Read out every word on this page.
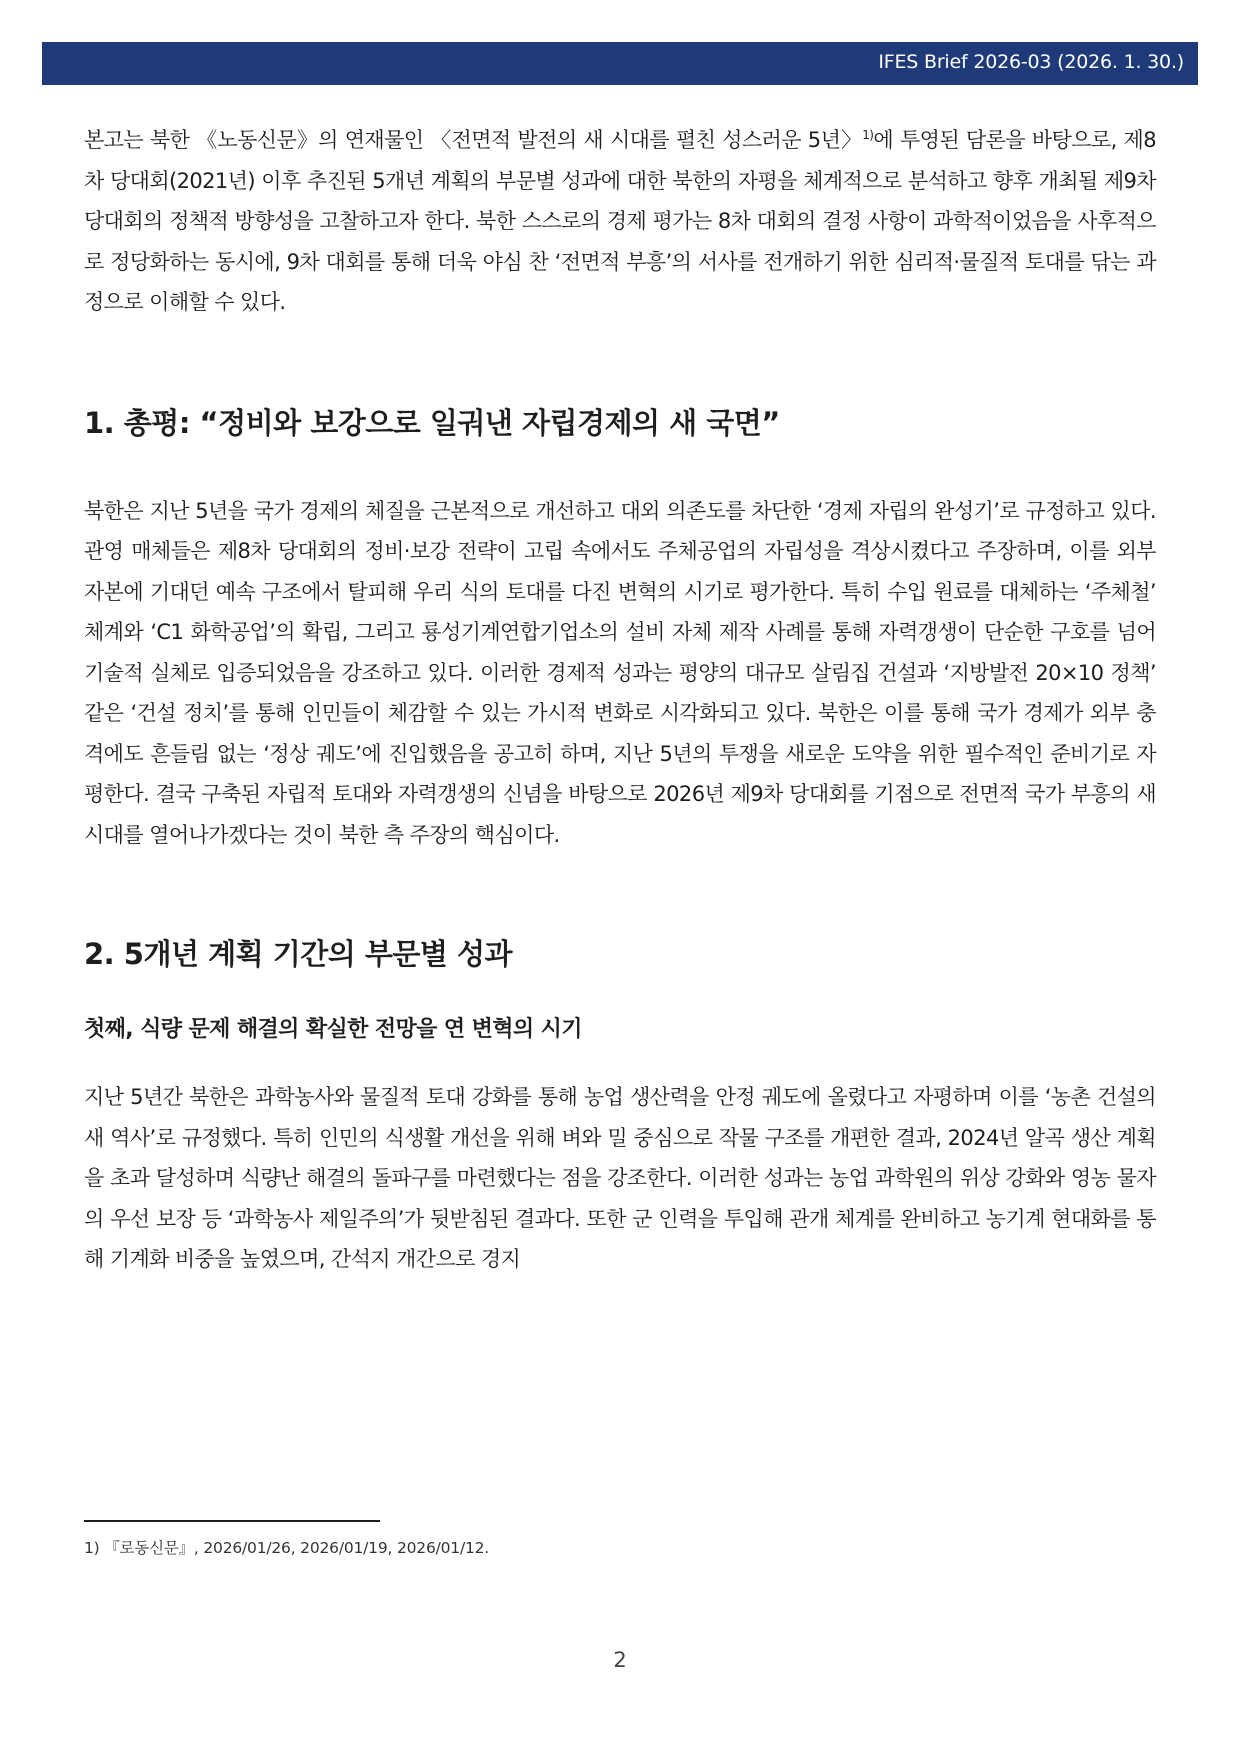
IFES Brief 2026-03 (2026. 1. 30.)

본고는 북한 《노동신문》의 연재물인 〈전면적 발전의 새 시대를 펼친 성스러운 5년〉$^{1)}$에 투영된 담론을 바탕으로, 제8차 당대회(2021년) 이후 추진된 5개년 계획의 부문별 성과에 대한 북한의 자평을 체계적으로 분석하고 향후 개최될 제9차 당대회의 정책적 방향성을 고찰하고자 한다. 북한 스스로의 경제 평가는 8차 대회의 결정 사항이 과학적이었음을 사후적으로 정당화하는 동시에, 9차 대회를 통해 더욱 야심 찬 ‘전면적 부흥’의 서사를 전개하기 위한 심리적·물질적 토대를 닦는 과정으로 이해할 수 있다.

1. 총평: “정비와 보강으로 일궈낸 자립경제의 새 국면”

북한은 지난 5년을 국가 경제의 체질을 근본적으로 개선하고 대외 의존도를 차단한 ‘경제 자립의 완성기’로 규정하고 있다. 관영 매체들은 제8차 당대회의 정비·보강 전략이 고립 속에서도 주체공업의 자립성을 격상시켰다고 주장하며, 이를 외부 자본에 기대던 예속 구조에서 탈피해 우리 식의 토대를 다진 변혁의 시기로 평가한다. 특히 수입 원료를 대체하는 ‘주체철’ 체계와 ‘C1 화학공업’의 확립, 그리고 룡성기계연합기업소의 설비 자체 제작 사례를 통해 자력갱생이 단순한 구호를 넘어 기술적 실체로 입증되었음을 강조하고 있다. 이러한 경제적 성과는 평양의 대규모 살림집 건설과 ‘지방발전 20×10 정책’ 같은 ‘건설 정치’를 통해 인민들이 체감할 수 있는 가시적 변화로 시각화되고 있다. 북한은 이를 통해 국가 경제가 외부 충격에도 흔들림 없는 ‘정상 궤도’에 진입했음을 공고히 하며, 지난 5년의 투쟁을 새로운 도약을 위한 필수적인 준비기로 자평한다. 결국 구축된 자립적 토대와 자력갱생의 신념을 바탕으로 2026년 제9차 당대회를 기점으로 전면적 국가 부흥의 새 시대를 열어나가겠다는 것이 북한 측 주장의 핵심이다.

2. 5개년 계획 기간의 부문별 성과
첫째, 식량 문제 해결의 확실한 전망을 연 변혁의 시기

지난 5년간 북한은 과학농사와 물질적 토대 강화를 통해 농업 생산력을 안정 궤도에 올렸다고 자평하며 이를 ‘농촌 건설의 새 역사’로 규정했다. 특히 인민의 식생활 개선을 위해 벼와 밀 중심으로 작물 구조를 개편한 결과, 2024년 알곡 생산 계획을 초과 달성하며 식량난 해결의 돌파구를 마련했다는 점을 강조한다. 이러한 성과는 농업 과학원의 위상 강화와 영농 물자의 우선 보장 등 ‘과학농사 제일주의’가 뒷받침된 결과다. 또한 군 인력을 투입해 관개 체계를 완비하고 농기계 현대화를 통해 기계화 비중을 높였으며, 간석지 개간으로 경지

1) 『로동신문』, 2026/01/26, 2026/01/19, 2026/01/12.
2
